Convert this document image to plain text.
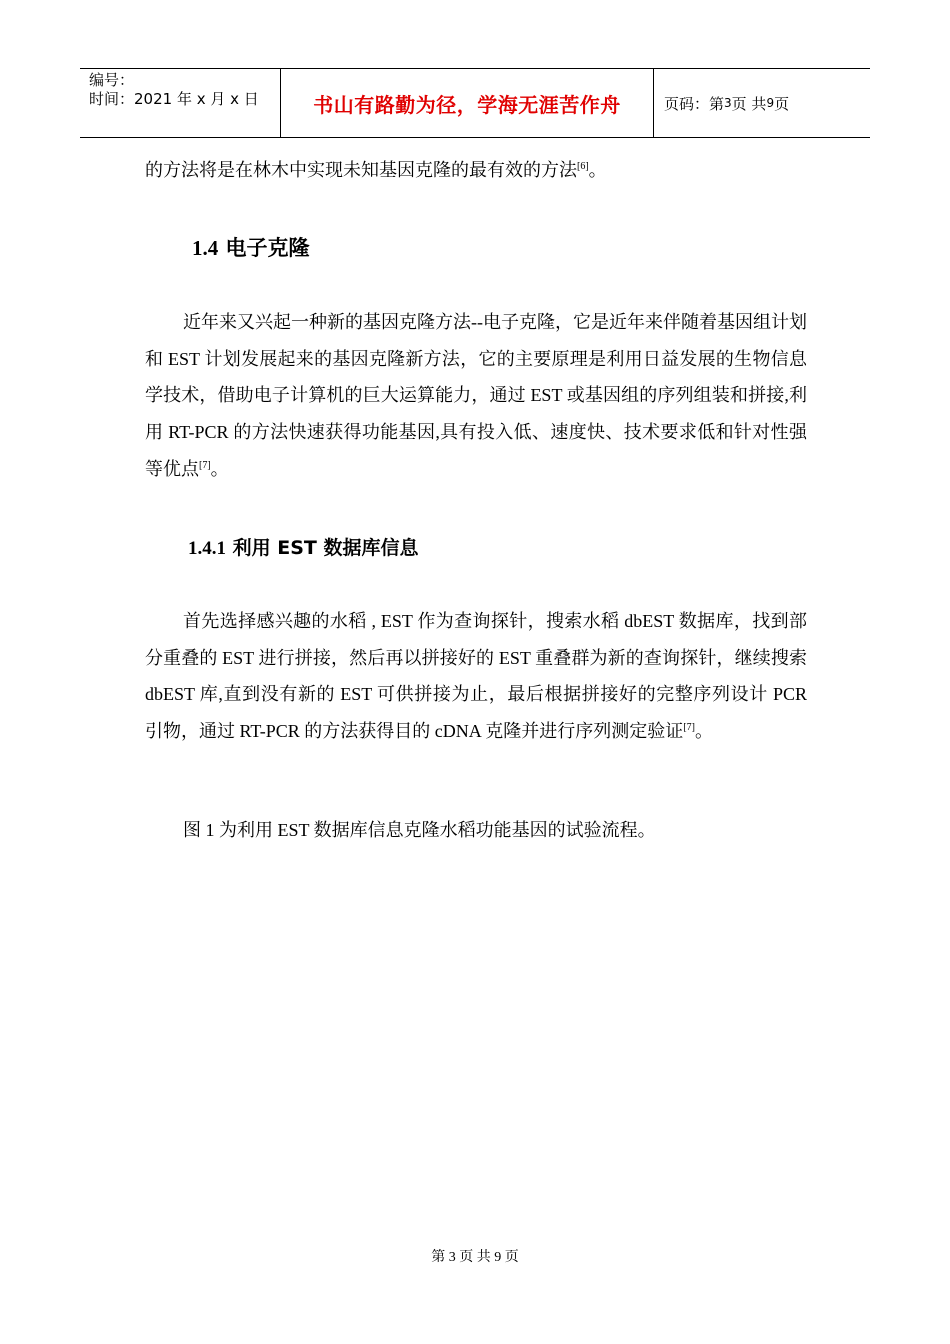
编号：
时间：2021 年 x 月 x 日	书山有路勤为径，学海无涯苦作舟	页码：第 3 页 共 9 页
的方法将是在林木中实现未知基因克隆的最有效的方法[6]。
1.4 电子克隆
近年来又兴起一种新的基因克隆方法--电子克隆，它是近年来伴随着基因组计划和 EST 计划发展起来的基因克隆新方法，它的主要原理是利用日益发展的生物信息学技术，借助电子计算机的巨大运算能力，通过 EST 或基因组的序列组装和拼接,利用 RT-PCR 的方法快速获得功能基因,具有投入低、速度快、技术要求低和针对性强等优点[7]。
1.4.1 利用 EST 数据库信息
首先选择感兴趣的水稻 , EST 作为查询探针，搜索水稻 dbEST 数据库，找到部分重叠的 EST 进行拼接，然后再以拼接好的 EST 重叠群为新的查询探针，继续搜索 dbEST 库,直到没有新的 EST 可供拼接为止，最后根据拼接好的完整序列设计 PCR 引物，通过 RT-PCR 的方法获得目的 cDNA 克隆并进行序列测定验证[7]。
图 1 为利用 EST 数据库信息克隆水稻功能基因的试验流程。
第 3 页 共 9 页
